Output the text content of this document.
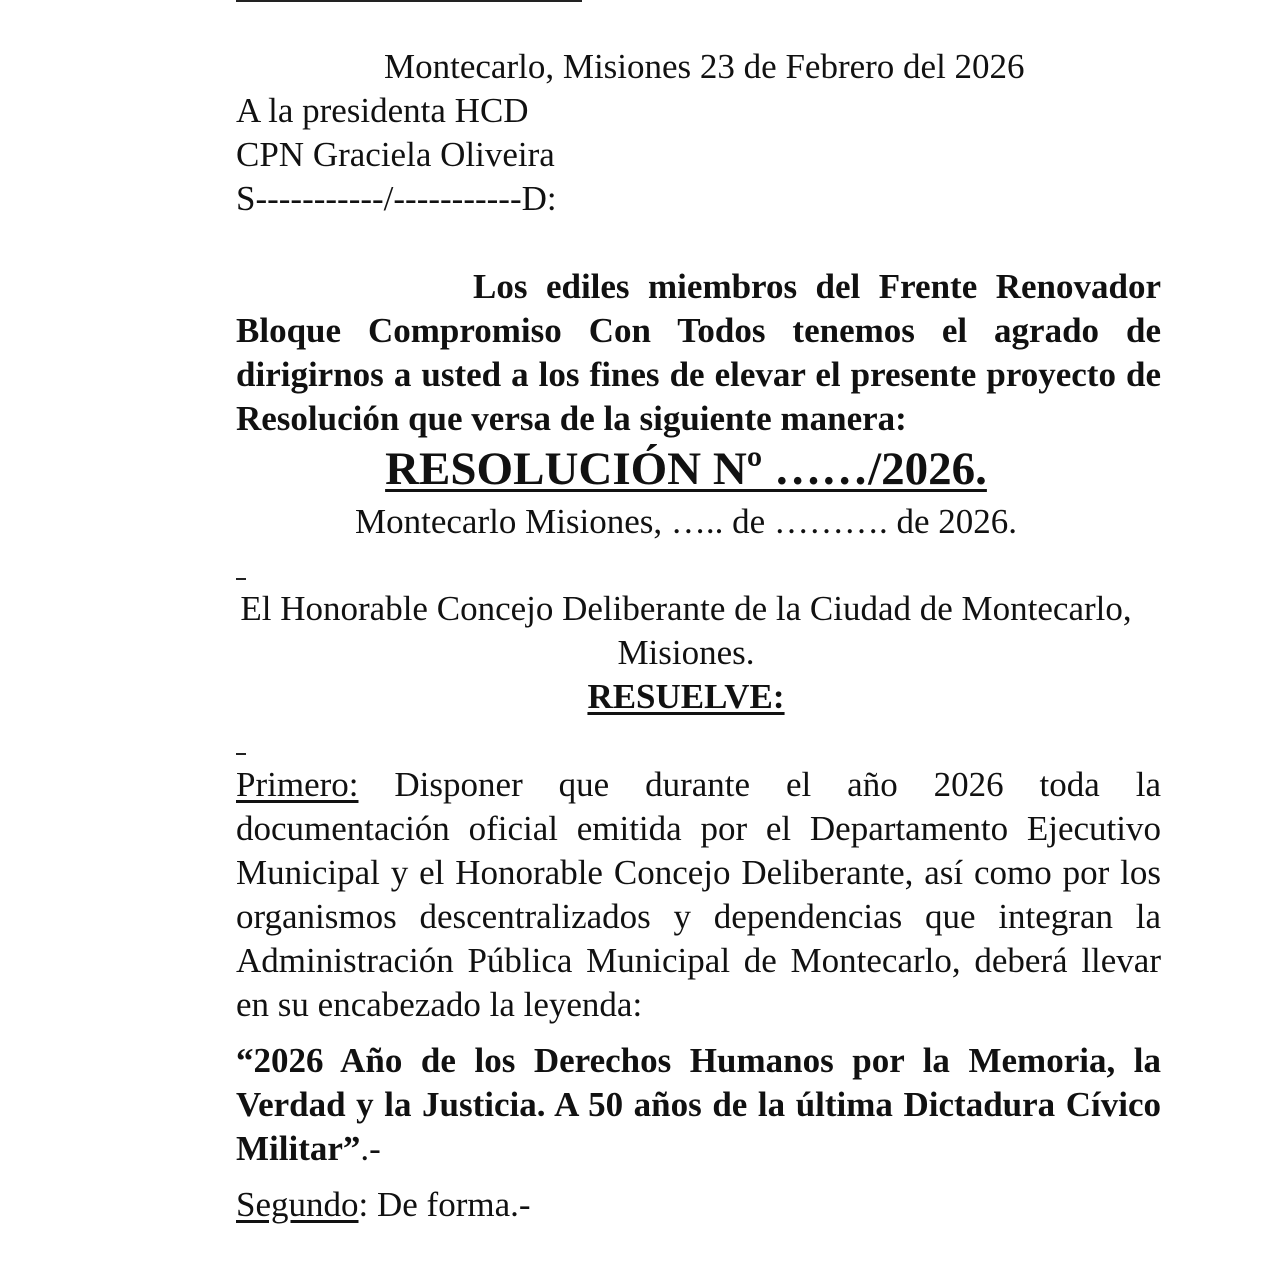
Montecarlo, Misiones 23 de Febrero del 2026

A la presidenta HCD

CPN Graciela Oliveira

S-----------/-----------D:

Los ediles miembros del Frente Renovador Bloque Compromiso Con Todos tenemos el agrado de dirigirnos a usted a los fines de elevar el presente proyecto de Resolución que versa de la siguiente manera:

RESOLUCIÓN Nº ……/2026.

Montecarlo Misiones, ….. de ………. de 2026.

El Honorable Concejo Deliberante de la Ciudad de Montecarlo, Misiones.

RESUELVE:

Primero: Disponer que durante el año 2026 toda la documentación oficial emitida por el Departamento Ejecutivo Municipal y el Honorable Concejo Deliberante, así como por los organismos descentralizados y dependencias que integran la Administración Pública Municipal de Montecarlo, deberá llevar en su encabezado la leyenda:

“2026 Año de los Derechos Humanos por la Memoria, la Verdad y la Justicia. A 50 años de la última Dictadura Cívico Militar”.-

Segundo: De forma.-
